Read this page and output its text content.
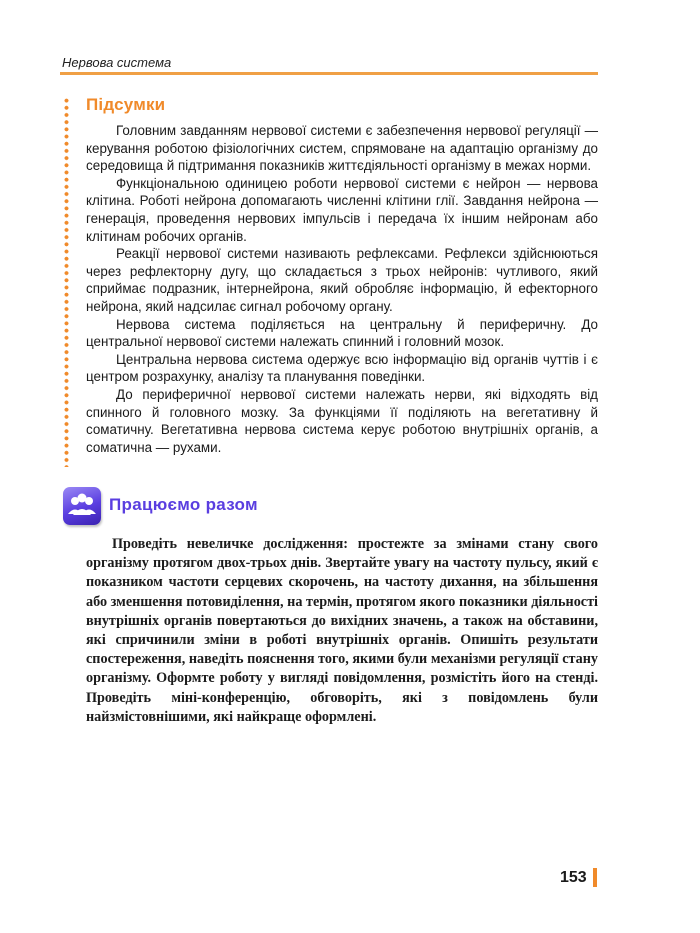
Нервова система
Підсумки

Головним завданням нервової системи є забезпечення нервової регуляції — керування роботою фізіологічних систем, спрямоване на адаптацію організму до середовища й підтримання показників життєдіяльності організму в межах норми.

Функціональною одиницею роботи нервової системи є нейрон — нервова клітина. Роботі нейрона допомагають численні клітини глії. Завдання нейрона — генерація, проведення нервових імпульсів і передача їх іншим нейронам або клітинам робочих органів.

Реакції нервової системи називають рефлексами. Рефлекси здійснюються через рефлекторну дугу, що складається з трьох нейронів: чутливого, який сприймає подразник, інтернейрона, який обробляє інформацію, й ефекторного нейрона, який надсилає сигнал робочому органу.

Нервова система поділяється на центральну й периферичну. До центральної нервової системи належать спинний і головний мозок.

Центральна нервова система одержує всю інформацію від органів чуттів і є центром розрахунку, аналізу та планування поведінки.

До периферичної нервової системи належать нерви, які відходять від спинного й головного мозку. За функціями її поділяють на вегетативну й соматичну. Вегетативна нервова система керує роботою внутрішніх органів, а соматична — рухами.

Працюємо разом

Проведіть невеличке дослідження: простежте за змінами стану свого організму протягом двох-трьох днів. Звертайте увагу на частоту пульсу, який є показником частоти серцевих скорочень, на частоту дихання, на збільшення або зменшення потовиділення, на термін, протягом якого показники діяльності внутрішніх органів повертаються до вихідних значень, а також на обставини, які спричинили зміни в роботі внутрішніх органів. Опишіть результати спостереження, наведіть пояснення того, якими були механізми регуляції стану організму. Оформте роботу у вигляді повідомлення, розмістіть його на стенді. Проведіть міні-конференцію, обговоріть, які з повідомлень були найзмістовнішими, які найкраще оформлені.

153
